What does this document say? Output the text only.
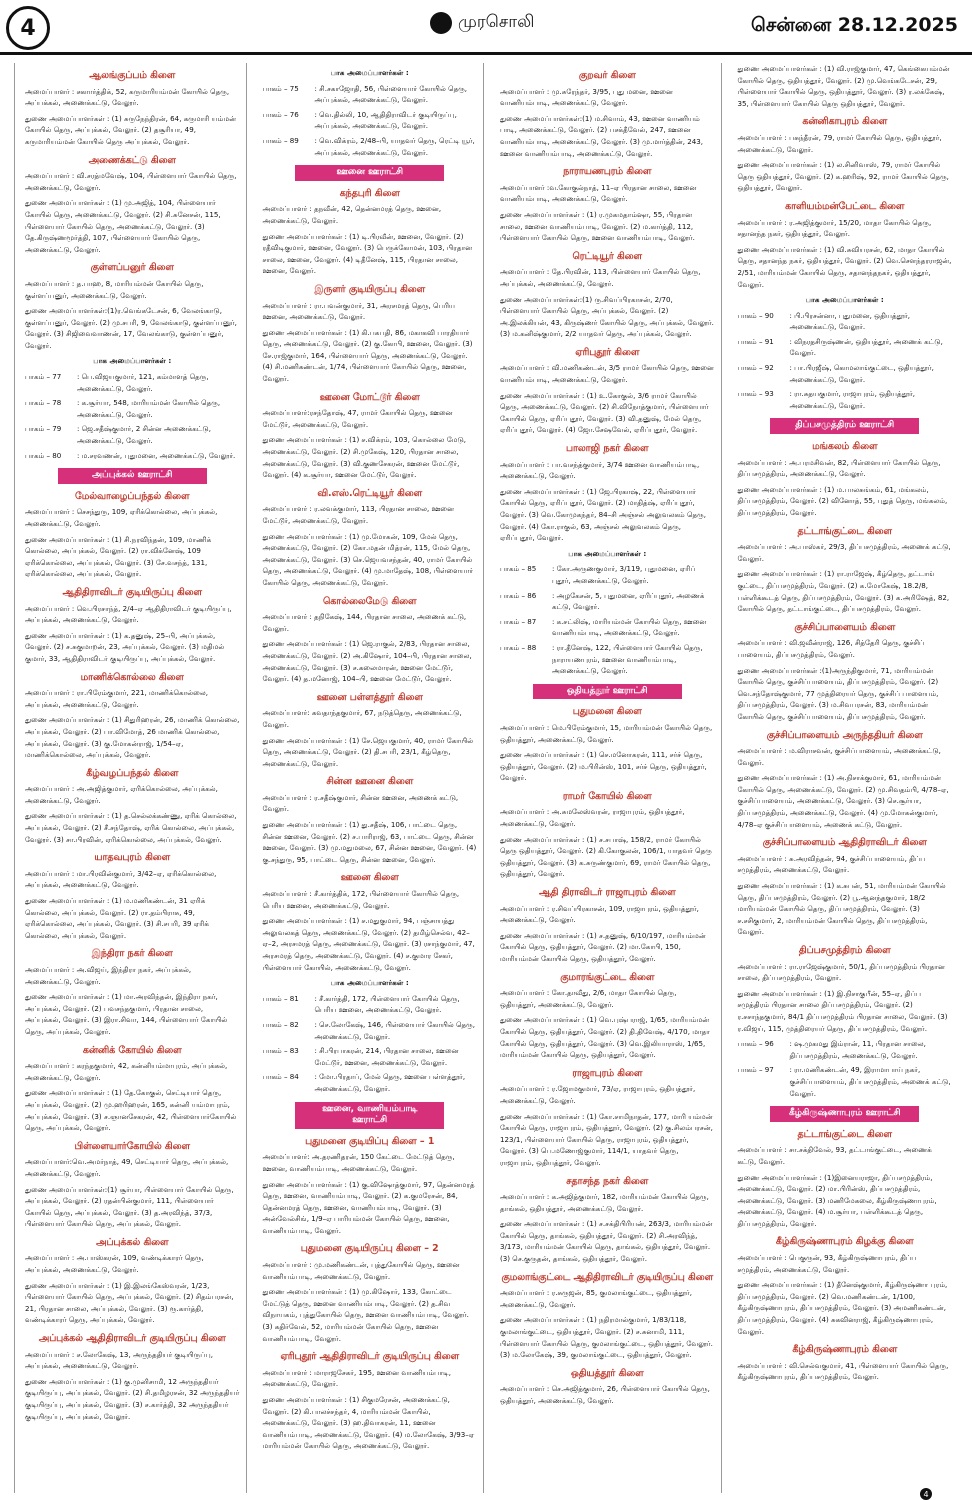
4	முரசொலி	சென்னை 28.12.2025
ஆலங்குப்பம் கிளை
அமைப்பாளர் : சகாார்த்திக், 52, கருமாரியம்மன் கோயில் தெரு, அப்பக்கல், அணைக்கட்டு, வேலூர்.
துணை அமைப்பாளர்கள் : (1) சுருநேந்திரன், 64, கருமாரி யம்மன் கோயில் தெரு, அப்புக்கல், வேலூர். (2) தசூரியா, 49, கருமாரியம்மன் கோயில் தெரு அப்புக்கல், வேலூர்.
அணைக்கட்டு கிளை
அமைப்பாளர் : வி.சரத்மவேஷ், 104, பிள்ளையார் கோயில் தெரு, அணைக்கட்டு, வேலூர்.
துணை அமைப்பாளர்கள் : (1) மு.அஜித், 104, பிள்ளையார் கோயில் தெரு, அணைக்கட்டு, வேலூர். (2) சி.சுனேசன், 115, பிள்ளையார் கோயில் தெரு, அணைக்கட்டு, வேலூர். (3) தே.கிருஷ்ணமூர்த்தி, 107, பிள்ளையார் கோயில் தெரு, அணைக்கட்டு, வேலூர்.
குள்ளப்பனுர் கிளை
அமைப்பாளர் : த.பாஹ, 8, மாரியம்மன் கோயில் தெரு, குள்ளப்பனுர், அணைக்கட்டு, வேலூர்.
துணை அமைப்பாளர்கள்:(1)ர.வெங்கடேசன், 6, வேலங்காடு, குள்ளப்பனுர், வேலூர். (2) மு.சபரி, 9, வேலங்காடு, குள்ளப்பனுர், வேலூர். (3) சிஜிவைவாணன், 17, வேலங்காடு, குள்ளப்பனுர், வேலூர்.
பாக அமைப்பாளர்கள் :
பாகம் – 77	: பெ.விஜயகுமார், 121, கம்மாளத் தெரு, அணைக்கட்டு, வேலூர்.
பாகம் – 78	: க.சூர்யா, 548, மாரியம்மன் கோயில் தெரு, அணைக்கட்டு, வேலூர்.
பாகம் – 79	: ஜெ.சதீஷ்குமார், 2 சின்ன அணைக்கட்டு, அணைக்கட்டு, வேலூர்.
பாகம் – 80	: ம.சரவணன், புதுமனை, அணைக்கட்டு, வேலூர்.
அப்புக்கல் ஊராட்சி
மேல்வாழைப்பந்தல் கிளை
அமைப்பாளர் : செசந்துரு, 109, ஏரிக்கொல்லை, அப்புக்கல், அணைக்கட்டு, வேலூர்.
துணை அமைப்பாளர்கள் : (1) சி.நரவிந்தன், 109, மாணிக் கொல்லை, அப்புக்கல், வேலூர். (2) ரா.விக்னேஷ், 109 ஏரிக்கொல்லை, அப்புக்கல், வேலூர். (3) சே.வசந்த், 131, ஏரிக்கொல்லை, அப்புக்கல், வேலூர்.
ஆதிதிராவிடர் குடியிருப்பு கிளை
அமைப்பாளர் : வெ.பிரசாந்த், 2/4–ஏ ஆதிதிராவிடர் குடியிருப்பு, அப்புக்கல், அணைக்கட்டு, வேலூர்.
துணை அமைப்பாளர்கள் : (1) க.தனுஷ், 25–பி, அப்புக்கல், வேலூர். (2) ச.சுகுமாறன், 23, அப்புக்கல், வேலூர். (3) மதிமல் குமார், 33, ஆதிதிராவிடர் குடியிருப்பு, அப்புக்கல், வேலூர்.
மாணிக்கொல்லை கிளை
அமைப்பாளர் : ரா.பிரேம்குமார், 221, மாணிக்கொல்லை, அப்புக்கல், அணைக்கட்டு, வேலூர்.
துணை அமைப்பாளர்கள் : (1) சிதுரிஹரன், 26, மாணிக் கொல்லை, அப்புக்கல், வேலூர். (2) பா.விமோத், 26 மாணிக் கொல்லை, அப்புக்கல், வேலூர். (3) கு.மோகன்ராஜ், 1/54–ஏ, மாணிக்கொல்லை, அப்புக்கல், வேலூர்.
கீழ்வழப்பந்தல் கிளை
அமைப்பாளர் : அ.அஜித்குமார், ஏரிக்கொல்லை, அப்புக்கல், அணைக்கட்டு, வேலூர்.
துணை அமைப்பாளர்கள் : (1) த.செல்லக்கண்ணு, ஏரிக் கொல்லை, அப்புக்கல், வேலூர். (2) சீ.சந்தோஷ், ஏரிக் கொல்லை, அப்புக்கல், வேலூர். (3) சா.பிரவின், ஏரிக்கொல்லை, அப்புக்கல், வேலூர்.
யாதவபுரம் கிளை
அமைப்பாளர் : மா.பிரவின்குமார், 3/42–ஏ, ஏரிக்கொல்லை, அப்புக்கல், அணைக்கட்டு, வேலூர்.
துணை அமைப்பாளர்கள் : (1) ம.மணிகண்டன், 31 ஏரிக் கொல்லை, அப்புக்கல், வேலூர். (2) ரா.தம்பிராசு, 49, ஏரிக்கொல்லை, அப்புக்கல், வேலூர். (3) சி.சபரி, 39 ஏரிக் கொல்லை, அப்புக்கல், வேலூர்.
இந்திரா நகர் கிளை
அமைப்பாளர் : அ.விஜய், இந்திரா நகர், அப்புக்கல், அணைக்கட்டு, வேலூர்.
துணை அமைப்பாளர்கள் : (1) மா.அரவிந்தன், இந்திரா நகர், அப்புக்கல், வேலூர். (2) பவசந்தகுமார், பிரதான சாலை, அப்புக்கல், வேலூர். (3) இரா.சிவா, 144, பிள்ளையார் கோயில் தெரு, அப்புக்கல், வேலூர்.
கன்னிக் கோயில் கிளை
அமைப்பாளர் : கரந்தகுமார், 42, கன்னியம்மாபுரம், அப்புக்கல், அணைக்கட்டு, வேலூர்.
துணை அமைப்பாளர்கள் : (1) தே.கோகுல், செட்டியார் தெரு, அப்புக்கல், வேலூர். (2) மு.ஹரிஹரன், 165, கன்னி யம்மாபுரம், அப்புக்கல், வேலூர். (3) ச.ஞானசேகரன், 42, பிள்ளையார்கோயில் தெரு, அப்புக்கல், வேலூர்.
பிள்ளையார்கோயில் கிளை
அமைப்பாளர்:வெ.அமர்நாத், 49, செட்டியார் தெரு, அப்புக்கல், அணைக்கட்டு, வேலூர்.
துணை அமைப்பாளர்கள்:(1) சூர்யா, பிள்ளையார் கோயில் தெரு, அப்புக்கல், வேலூர். (2) ரதன்பின்குமார், 111, பிள்ளையார் கோயில் தெரு, அப்புக்கல், வேலூர். (3) த.அரவிந்த், 37/3, பிள்ளையார் கோயில் தெரு, அப்புக்கல், வேலூர்.
அப்புக்கல் கிளை
அமைப்பாளர் : அ.பாஸ்கரன், 109, வண்டிக்காரர் தெரு, அப்புக்கல், அணைக்கட்டு, வேலூர்.
துணை அமைப்பாளர்கள் : (1) இ.இலங்கேஸ்வரன், 1/23, பிள்ளையார் கோயில் தெரு, அப்புக்கல், வேலூர். (2) சிதம்பரசன், 21, பிரதான சாலை, அப்புக்கல், வேலூர். (3) ரூ.கார்த்தி, வண்டிக்காரர் தெரு, அப்புக்கல், வேலூர்.
அப்புக்கல் ஆதிதிராவிடர் குடியிருப்பு கிளை
அமைப்பாளர் : ச.லோகேஷ், 13, அருந்ததியர் குடியிருப்பு, அப்புக்கல், அணைக்கட்டு, வேலூர்.
துணை அமைப்பாளர்கள் : (1) கு.முனிசாமி, 12 அருந்ததியர் குடியிருப்பு, அப்புக்கல், வேலூர். (2) சி.தமிழரசன், 32 அருந்ததியர் குடியிருப்பு, அப்புக்கல், வேலூர். (3) ச.கார்த்தி, 32 அருந்ததியர் குடியிருப்பு, அப்புக்கல், வேலூர்.
பாக அமைப்பாளர்கள் :
பாகம் – 75	: சி.சகாஜோதி, 56, பிள்ளையார் கோயில் தெரு, அப்புக்கல், அணைக்கட்டு, வேலூர்.
பாகம் – 76	: வெ.தில்லி, 10, ஆதிதிராவிடர் குடியிருப்பு, அப்புக்கல், அணைக்கட்டு, வேலூர்.
பாகம் – 89	: வெ.விக்ரம், 2/48–பி, யாதவர் தெரு, ரெட்டி யூர், அப்புக்கல், அணைக்கட்டு, வேலூர்.
ஊனை ஊராட்சி
கந்தபுரி கிளை
அமைப்பாளர் : தநவீன், 42, தென்னமரத் தெரு, ஊனை, அணைக்கட்டு, வேலூர்.
துணை அமைப்பாளர்கள் : (1) டி.பிரவீன், ஊனை, வேலூர். (2) ரதீவிடிகுமார், ஊனை, வேலூர். (3) பெருக்கோமன், 103, பிரதான சாலை, ஊனை, வேலூர். (4) டிதீனேஷ், 115, பிரதான சாலை, ஊனை, வேலூர்.
இருளர் குடியிருப்பு கிளை
அமைப்பாளர் : ரா.பவன்குமார், 31, அரசமரத் தெரு, பெரிய ஊனை, அணைக்கட்டு, வேலூர்.
துணை அமைப்பாளர்கள் : (1) கி.பகபதி, 86, மகாகவி பாரதியார் தெரு, அணைக்கட்டு, வேலூர். (2) கு.கோபி, ஊனை, வேலூர். (3) சே.ராஜ்குமார், 164, பிள்ளையார் தெரு, அணைக்கட்டு, வேலூர். (4) சி.மணிகண்டன், 1/74, பிள்ளையார் கோயில் தெரு, ஊனை, வேலூர்.
ஊனை மோட்டூர் கிளை
அமைப்பாளர்:ரசந்தோஷ், 47, ராமர் கோயில் தெரு, ஊனை மேட்டூர், அணைக்கட்டு, வேலூர்.
துணை அமைப்பாளர்கள் : (1) ச.விக்ரம், 103, கொல்லை மேடு, அணைக்கட்டு, வேலூர். (2) சி.முகேஷ், 120, பிரதான சாலை, அணைக்கட்டு, வேலூர். (3) வி.குணசேகரன், ஊனை மேட்டூர், வேலூர். (4) க.சூர்யா, ஊனை மேட்டூர், வேலூர்.
வி.எஸ்.ரெட்டியூர் கிளை
அமைப்பாளர் : ர.லவக்குமார், 113, பிரதான சாலை, ஊனை மேட்டூர், அணைக்கட்டு, வேலூர்.
துணை அமைப்பாளர்கள் : (1) மு.மோகன், 109, மேல் தெரு, அணைக்கட்டு, வேலூர். (2) கோ.மதன் மித்ரன், 115, மேல் தெரு, அணைக்கட்டு, வேலூர். (3) செ.ஜெயவசந்தன், 40, ராமர் கோயில் தெரு, அணைக்கட்டு, வேலூர். (4) மு.மாதேஷ், 108, பிள்ளையார் கோயில் தெரு, அணைக்கட்டு, வேலூர்.
கொல்லைமேடு கிளை
அமைப்பாளர் : தநிகேஷ், 144, பிரதான சாலை, அணைக் கட்டு, வேலூர்.
துணை அமைப்பாளர்கள் : (1) ஜெ.ராகுல், 2/83, பிரதான சாலை, அணைக்கட்டு, வேலூர். (2) அ.கிஷோர், 104–பி, பிரதான சாலை, அணைக்கட்டு, வேலூர். (3) ச.கலைமாரன், ஊனை மேட்டூர், வேலூர். (4) த.மனோஜ், 104–பி, ஊனை மேட்டூர், வேலூர்.
ஊனை பள்ளத்தூர் கிளை
அமைப்பாளர்: கவதாந்தகுமார், 67, நடுத்தெரு, அணைக்கட்டு, வேலூர்.
துணை அமைப்பாளர்கள் : (1) சே.ஜெயகுமார், 40, ராமர் கோயில் தெரு, அணைக்கட்டு, வேலூர். (2) தி.சபரி, 23/1, கீழ்தெரு, அணைக்கட்டு, வேலூர்.
சின்ன ஊனை கிளை
அமைப்பாளர் : ர.சதீஷ்குமார், சின்ன ஊனை, அணைக் கட்டு, வேலூர்.
துணை அமைப்பாளர்கள் : (1) து.சதீஷ், 106, பாட்டை தெரு, சின்ன ஊனை, வேலூர். (2) ச.பாரிராஜ், 63, பாட்டை தெரு, சின்ன ஊனை, வேலூர். (3) மு.மதுமலை, 67, சின்ன ஊனை, வேலூர். (4) கு.சந்துரு, 95, பாட்டை தெரு, சின்ன ஊனை, வேலூர்.
ஊனை கிளை
அமைப்பாளர் : சீ.கார்த்திக், 172, பிள்ளையார் கோயில் தெரு, பெரிய ஊனை, அணைக்கட்டு, வேலூர்.
துணை அமைப்பாளர்கள் : (1) ச.மதுகுமார், 94, பஞ்சாயத்து அலுவலகத் தெரு, அணைக்கட்டு, வேலூர். (2) தமிழ்செல்வ, 42–ஏ–2, அரசமரத் தெரு, அணைக்கட்டு, வேலூர். (3) ரசாந்குமார், 47, அரசமரத் தெரு, அணைக்கட்டு, வேலூர். (4) ச.குமார சேகர், பிள்ளையார் கோயில், அணைக்கட்டு, வேலூர்.
பாக அமைப்பாளர்கள் :
பாகம் – 81	: சீ.கார்த்தி, 172, பிள்ளையார் கோயில் தெரு, பெரிய ஊனை, அணைக்கட்டு, வேலூர்.
பாகம் – 82	: செ.லோகேஷ், 146, பிள்ளையார் கோயில் தெரு, அணைக்கட்டு, வேலூர்.
பாகம் – 83	: சி.பிரபாகரன், 214, பிரதான சாலை, ஊனை மேட்டூர், ஊனை, அணைக்கட்டு, வேலூர்.
பாகம் – 84	: மோ.பிரதாப், மேல் தெரு, ஊனை பள்ளத்தூர், அணைக்கட்டு, வேலூர்.
ஊனை, வாணியம்பாடி ஊராட்சி
புதுமனை குடியிப்பு கிளை – 1
அமைப்பாளர்: அ.தரணிதரன், 150 கேட்டை மேட்டுத் தெரு, ஊனை, வாணியம்பாடி, அணைக்கட்டு, வேலூர்.
துணை அமைப்பாளர்கள் : (1) கு.விஷோத்குமார், 97, தென்னமரத் தெரு, ஊனை, வாணியம்பாடி, வேலூர். (2) க.குமரேசன், 84, தென்னமரத் தெரு, ஊனை, வாணியம்பாடி, வேலூர். (3) அன்வேல்சிங், 1/9–ஏ பாரியம்மன் கோயில் தெரு, ஊனை, வாணியம்பாடி, வேலூர்.
புதுமனை குடியிருப்பு கிளை – 2
அமைப்பாளர் : மு.மணிகண்டன், புத்துகோயில் தெரு, ஊனை வாணியம்பாடி, அணைக்கட்டு, வேலூர்.
துணை அமைப்பாளர்கள் : (1) மு.கிஷோர், 133, கோட்டை மேட்டுத் தெரு, ஊனை வாணியம்பாடி, வேலூர். (2) த.சிவ விநாயகம், புத்துகோயில் தெரு, ஊனை வாணியம்பாடி, வேலூர். (3) கதிர்வேல், 52, மாரியம்மன் கோயில் தெரு, ஊனை வாணியம்பாடி, வேலூர்.
ஏரிபுதூர் ஆதிதிராவிடர் குடியிருப்பு கிளை
அமைப்பாளர் : மாராஜசேகர், 195, ஊனை வாணியம்பாடி, அணைக்கட்டு, வேலூர்.
துணை அமைப்பாளர்கள் : (1) சிகுமரேசன், அணைக்கட்டு, வேலூர். (2) கி.பாலச்சந்தர், 4, மாரியம்மன் கோயில், அணைக்கட்டு, வேலூர். (3) ஹ.திவாகரன், 11, ஊனை வாணியம்பாடி, அணைக்கட்டு, வேலூர். (4) ம.லோகேஷ், 3/93–ஏ மாரியம்மன் கோயில் தெரு, அணைக்கட்டு, வேலூர்.
குறவர் கிளை
அமைப்பாளர் : மு.சுரேந்தர், 3/95, புது மனை, ஊனை வாணியம்பாடி, அணைக்கட்டு, வேலூர்.
துணை அமைப்பாளர்கள்:(1) ம.சிவாம், 43, ஊனை வாணியம் பாடி, அணைக்கட்டு, வேலூர். (2) பசக்தீவேல், 247, ஊனை வாணியம்பாடி, அணைக்கட்டு, வேலூர். (3) மு.மார்த்தின், 243, ஊனை வாணியம்பாடி, அணைக்கட்டு, வேலூர்.
நாராயணபுரம் கிளை
அமைப்பாளர் :வ.கோகுல்நாத், 11–ஏ பிரதான சாலை, ஊனை வாணியம்பாடி, அணைக்கட்டு, வேலூர்.
துணை அமைப்பாளர்கள் : (1) ர.முகமதாம்ஷா, 55, பிரதான சாலை, ஊனை வாணியம்பாடி, வேலூர். (2) ம.கார்த்தி, 112, பிள்ளையார் கோயில் தெரு, ஊனை வாணியம்பாடி, வேலூர்.
ரெட்டியூர் கிளை
அமைப்பாளர் : தே.பிரவின், 113, பிள்ளையார் கோயில் தெரு, அப்புக்கல், அணைக்கட்டு, வேலூர்.
துணை அமைப்பாளர்கள்:(1) ரு.சிவப்பிரகாசன், 2/70, பிள்ளையார் கோயில் தெரு, அப்புக்கல், வேலூர். (2) அ.இலக்கியன், 43, கிருஷ்ணர் கோயில் தெரு, அப்புக்கல், வேலூர். (3) ம.கனிஷ்குமார், 2/2 யாதவர் தெரு, அப்புக்கல், வேலூர்.
ஏரிபுதூர் கிளை
அமைப்பாளர் : வி.மணிகண்டன், 3/5 ராமர் கோயில் தெரு, ஊனை வாணியம்பாடி, அணைக்கட்டு, வேலூர்.
துணை அமைப்பாளர்கள் : (1) உ.கோகுல், 3/6 ராமர் கோயில் தெரு, அணைக்கட்டு, வேலூர். (2) சி.விநோத்குமார், பிள்ளையார் கோயில் தெரு, ஏரிப்புதூர், வேலூர். (3) வி.தனுஷ், மேல் தெரு, ஏரிப்புதூர், வேலூர். (4) ஜோ.சேஷவேல், ஏரிப்புதூர், வேலூர்.
பாலாஜி நகர் கிளை
அமைப்பாளர் : பா.வசந்த்குமார், 3/74 ஊனை வாணியம்பாடி, அணைக்கட்டு, வேலூர்.
துணை அமைப்பாளர்கள் : (1) ஜே.பிரகாஷ், 22, பிள்ளையார் கோயில் தெரு, ஏரிப்புதூர், வேலூர். (2) மாதித்ஷ், ஏரிப்புதூர், வேலூர். (3) வெ.கோமுகந்தர், 84–சி அஞ்சல் அலுவலகம் தெரு, வேலூர். (4) கோ.ராகுல், 63, அஞ்சல் அலுவலகம் தெரு, ஏரிப்புதூர், வேலூர்.
பாக அமைப்பாளர்கள் :
பாகம் – 85	: கோ.அருணகுமார், 3/119, புதுமனை, ஏரிப் புதூர், அணைக்கட்டு, வேலூர்.
பாகம் – 86	: அழகேசன், 5, புதுமனை, ஏரிப்புதூர், அணைக் கட்டு, வேலூர்.
பாகம் – 87	: க.சட்லிஷ், மாரியம்மன் கோயில் தெரு, ஊனை வாணியம்பாடி, அணைக்கட்டு, வேலூர்.
பாகம் – 88	: ரா.தீனேஷ், 122, பிள்ளையார் கோயில் தெரு, நாராயணபுரம், ஊனை வாணியம்பாடி, அணைக்கட்டு, வேலூர்.
ஒதியத்தூர் ஊராட்சி
புதுமனை கிளை
அமைப்பாளர் : மெ.பிரேம்குமார், 15, மாரியம்மன் கோயில் தெரு, ஒதியத்தூர், அணைக்கட்டு, வேலூர்.
துணை அமைப்பாளர்கள் : (1) செ.மனோகரன், 111, சர்ச் தெரு, ஒதியத்தூர், வேலூர். (2) ம.பிரின்ஸ், 101, சர்ச் தெரு, ஒதியத்தூர், வேலூர்.
ராமர் கோயில் கிளை
அமைப்பாளர் : அ.சுமலேஸ்வரன், ராஜாபுரம், ஒதியத்தூர், அணைக்கட்டு, வேலூர்.
துணை அமைப்பாளர்கள் : (1) ச.சபாஷ், 158/2, ராமர் கோயில் தெரு ஒதியத்தூர், வேலூர். (2) கி.கோகுலன், 106/1, யாதவர் தெரு ஒதியத்தூர், வேலூர். (3) க.சுருண்குமார், 69, ராமர் கோயில் தெரு, ஒதியத்தூர், வேலூர்.
ஆதி திராவிடர் ராஜாபுரம் கிளை
அமைப்பாளர் : ர.சிவப்பிரகாசன், 109, ராஜாபுரம், ஒதியத்தூர், அணைக்கட்டு, வேலூர்.
துணை அமைப்பாளர்கள் : (1) ச.தனுஷ், 6/10/197, மாரியம்மன் கோயில் தெரு, ஒதியத்தூர், வேலூர். (2) மா.கோபி, 150, மாரியம்மன் கோயில் தெரு, ஒதியத்தூர், வேலூர்.
குமாரங்குட்டை கிளை
அமைப்பாளர் : கோ.தாவீது, 2/6, மாதா கோயில் தெரு, ஒதியத்தூர், அணைக்கட்டு, வேலூர்.
துணை அமைப்பாளர்கள் : (1) வெ.புஷ்பராஜ், 1/65, மாரியம்மன் கோயில் தெரு, ஒதியத்தூர், வேலூர். (2) தி.திவேஷ், 4/170, மாதா கோயில் தெரு, ஒதியத்தூர், வேலூர். (3) வெ.இலியாராஸ், 1/65, மாரியம்மன் கோயில் தெரு, ஒதியத்தூர், வேலூர்.
ராஜாபுரம் கிளை
அமைப்பாளர் : ர.ஜோமகுமார், 73/ஏ, ராஜாபுரம், ஒதியத்தூர், அணைக்கட்டு, வேலூர்.
துணை அமைப்பாளர்கள் : (1) கோ.சாமிநாதன், 177, மாரி யம்மன் கோயில் தெரு, ராஜாபுரம், ஒதியத்தூர், வேலூர். (2) கு.சிலம்பரசன், 123/1, பிள்ளையார் கோயில் தெரு, ராஜாபுரம், ஒதியத்தூர், வேலூர். (3) பெ.மணோஜ்குமார், 114/1, யாதவர் தெரு, ராஜாபுரம், ஒதியத்தூர், வேலூர்.
சதாசந்த நகர் கிளை
அமைப்பாளர் : க.அஜித்குமார், 182, மாரியம்மன் கோயில் தெரு, தாங்கல், ஒதியத்தூர், அணைக்கட்டு, வேலூர்.
துணை அமைப்பாளர்கள் : (1) ச.சக்திபிரியன், 263/3, மாரியம்மன் கோயில் தெரு, தாங்கல், ஒதியத்தூர், வேலூர். (2) சி.அரவிந்த், 3/173, மாரியம்மன் கோயில் தெரு, தாங்கல், ஒதியத்தூர், வேலூர். (3) செ.குருதன், தாங்கல், ஒதியத்தூர், வேலூர்.
குமலாங்குட்டை ஆதிதிராவிடர் குடியிருப்பு கிளை
அமைப்பாளர் : ர.சுருஜன், 85, குமலாங்குட்டை, ஒதியத்தூர், அணைக்கட்டு, வேலூர்.
துணை அமைப்பாளர்கள் : (1) நதிரமால்குமார், 1/83/118, குமலாங்குட்டை, ஒதியத்தூர், வேலூர். (2) ச.சுனாமி, 111, பிள்ளையார் கோயில் தெரு, குமலாங்குட்டை, ஒதியத்தூர், வேலூர். (3) ம.லோகேஷ், 39, குமலாங்குட்டை, ஒதியத்தூர், வேலூர்.
ஒதியத்தூர் கிளை
அமைப்பாளர் : செ.அஜித்குமார், 26, பிள்ளையார் கோயில் தெரு, ஒதியத்தூர், அணைக்கட்டு, வேலூர்.
துணை அமைப்பாளர்கள் : (1) வி.ராஜ்குமார், 47, கெங்கையம்மன் கோயில் தெரு, ஒதியத்தூர், வேலூர். (2) மு.வெங்கடேசன், 29, பிள்ளையார் கோயில் தெரு, ஒதியத்தூர், வேலூர். (3) ர.லக்கேஷ், 35, பிள்ளையார் கோயில் தெரு ஒதியத்தூர், வேலூர்.
கன்னிகாபுரம் கிளை
அமைப்பாளர் : பசுந்தீரன், 79, ராமர் கோயில் தெரு, ஒதியத்தூர், அணைக்கட்டு, வேலூர்.
துணை அமைப்பாளர்கள் : (1) ல.சினிவாஸ், 79, ராமர் கோயில் தெரு ஒதியத்தூர், வேலூர். (2) க.ஹரிஷ், 92, ராமர் கோயில் தெரு, ஒதியத்தூர், வேலூர்.
காளியம்மன்பேட்டை கிளை
அமைப்பாளர் : ர.அஜித்குமார், 15/20, மாதா கோயில் தெரு, சதானந்த நகர், ஒதியத்தூர், வேலூர்.
துணை அமைப்பாளர்கள் : (1) வி.சுவியரசன், 62, மாதா கோயில் தெரு, சதானந்த நகர், ஒதியத்தூர், வேலூர். (2) வெ.சௌந்தரராஜன், 2/51, மாரியம்மன் கோயில் தெரு, சதானந்தநகர், ஒதியத்தூர், வேலூர்.
பாக அமைப்பாளர்கள் :
பாகம் – 90	: பி.பிரசன்னா, புதுமனை, ஒதியத்தூர், அணைக்கட்டு, வேலூர்.
பாகம் – 91	: விநரதசிருஷ்ணன், ஒதியத்தூர், அணைக் கட்டு, வேலூர்.
பாகம் – 92	: பா.பிரஜீஷ், கொமலாங்குட்டை, ஒதியத்தூர், அணைக்கட்டு, வேலூர்.
பாகம் – 93	: ரா.சுதயகுமார், ராஜாபுரம், ஒதியத்தூர், அணைக்கட்டு, வேலூர்.
திப்பசமுத்திரம் ஊராட்சி
மங்கலம் கிளை
அமைப்பாளர் : அ.பரமசிவன், 82, பிள்ளையார் கோயில் தெரு, திப்பசமுத்திரம், அணைக்கட்டு, வேலூர்.
துணை அமைப்பாளர்கள் : (1) ம.பாலசுங்கம், 61, மங்கலம், திப்பசமுத்திரம், வேலூர். (2) வினோத், 55, புதுத் தெரு, மங்கலம், திப்பசமுத்திரம், வேலூர்.
தட்டாங்குட்டை கிளை
அமைப்பாளர் : அ.பாஸ்கர், 29/3, திப்பசமுத்திரம், அணைக் கட்டு, வேலூர்.
துணை அமைப்பாளர்கள் : (1) ரா.ராஜேஷ், கீழ்தெரு, தட்டாங் குட்டை, திப்பசமுத்திரம், வேலூர். (2) க.மோகேஷ், 18.2/8, பள்ளிக்கூடத் தெரு, திப்பசமுத்திரம், வேலூர். (3) க.அரிஷேத், 82, கோயில் தெரு, தட்டாங்குட்டை, திப்பசமுத்திரம், வேலூர்.
குச்சிப்பாளையம் கிளை
அமைப்பாளர் : வி.ஜவீன்ராஜ், 126, சித்தேரி தெரு, குச்சிப் பாளையம், திப்பசமுத்திரம், வேலூர்.
துணை அமைப்பாளர்கள் :(1)அருந்திகுமார், 71, மாரியம்மன் கோயில் தெரு, குச்சிப்பாளையம், திப்பசமுத்திரம், வேலூர். (2) வெ.சந்தோஷ்குமார், 77 முத்திரையர் தெரு, குச்சிப் பாளையம், திப்பசமுத்திரம், வேலூர். (3) ம.சிவபரசன், 83, மாரியம்மன் கோயில் தெரு, குச்சிப்பாளையம், திப்பசமுத்திரம், வேலூர்.
குச்சிப்பாளையம் அருந்ததியர் கிளை
அமைப்பாளர் : ம.விராசவன், குச்சிப்பாளையம், அணைக்கட்டு, வேலூர்.
துணை அமைப்பாளர்கள் : (1) அ.நிசாக்குமார், 61, மாரியம்மன் கோயில் தெரு, அணைக்கட்டு, வேலூர். (2) மு.சிவதம்பி, 4/78–ஏ, குச்சிப்பாளையம், அணைக்கட்டு, வேலூர். (3) செ.சூர்யா, திப்பசமுத்திரம், அணைக்கட்டு, வேலூர். (4) மு.மோகன்குமார், 4/78–ஏ குச்சிப்பாளையம், அணைக் கட்டு, வேலூர்.
குச்சிப்பாளையம் ஆதிதிராவிடர் கிளை
அமைப்பாளர் : சு.அரவிந்தன், 94, குச்சிப்பாளையம், திப்ப சமுத்திரம், அணைக்கட்டு, வேலூர்.
துணை அமைப்பாளர்கள் : (1) க.சுபன், 51, மாரியம்மன் கோயில் தெரு, திப்பசமுத்திரம், வேலூர். (2) பூ.ஆனந்தகுமார், 18/2 மாரியம்மன் கோயில் தெரு, திப்பசமுத்திரம், வேலூர். (3) ச.சசிகுமார், 2, மாரியம்மன் கோயில் தெரு, திப்பசமுத்திரம், வேலூர்.
திப்பசமுத்திரம் கிளை
அமைப்பாளர் : ரா.ராஜேஷ்குமார், 50/1, திப்பசமுத்திரம் பிரதான சாலை, திப்பசமுத்திரம், வேலூர்.
துணை அமைப்பாளர்கள் : (1) இ.நிசாகுபீன், 55–ஏ, திப்ப சமுத்திரம் பிரதான சாலை திப்பசமுத்திரம், வேலூர். (2) ர.சசாந்தகுமார், 84/1 திப்பசமுத்திரம் பிரதான சாலை, வேலூர். (3) ர.விஜய், 115, முத்திரையர் தெரு, திப்பசமுத்திரம், வேலூர்.
பாகம் – 96	: ஷ.முகமது இம்ரான், 11, பிரதான சாலை, திப்பசமுத்திரம், அணைக்கட்டு, வேலூர்.
பாகம் – 97	: ரா.மணிகண்டன், 49, இராமாபாய் நகர், குச்சிப்பாளையம், திப்பசமுத்திரம், அணைக் கட்டு, வேலூர்.
கீழ்கிருஷ்ணாபுரம் ஊராட்சி
தட்டாங்குட்டை கிளை
அமைப்பாளர் : சா.சக்திவேல், 93, தட்டாங்குட்டை, அணைக் கட்டு, வேலூர்.
துணை அமைப்பாளர்கள் : (1)இனையராஜா, திப்பசமுத்திரம், அணைக்கட்டு, வேலூர். (2) மா.பிரின்ஸ், திப்பசமுத்திரம், அணைக்கட்டு, வேலூர். (3) மணிமேகலை, கீழ்கிருஷ்ணாபுரம், அணைக்கட்டு, வேலூர். (4) ம.சூர்யா, பள்ளிக்கூடத் தெரு, திப்பசமுத்திரம், வேலூர்.
கீழ்கிருஷ்ணாபுரம் கிழக்கு கிளை
அமைப்பாளர் : பெகுருன், 93, கீழ்கிருஷ்ணாபுரம், திப்ப சமுத்திரம், அணைக்கட்டு, வேலூர்.
துணை அமைப்பாளர்கள் : (1) தீனேஷ்குமார், கீழ்கிருஷ்ணா புரம், திப்பசமுத்திரம், வேலூர். (2) வெ.மணிகண்டன், 1/100, கீழ்கிருஷ்ணாபுரம், திப்பசமுத்திரம், வேலூர். (3) அமணிகண்டன், திப்பசமுத்திரம், வேலூர். (4) சுகவினராஜ், கீழ்கிருஷ்ணாபுரம், வேலூர்.
கீழ்கிருஷ்ணாபுரம் கிளை
அமைப்பாளர் : வி.செல்வகுமார், 41, பிள்ளையார் கோயில் தெரு, கீழ்கிருஷ்ணாபுரம், திப்பசமுத்திரம், வேலூர்.
4
